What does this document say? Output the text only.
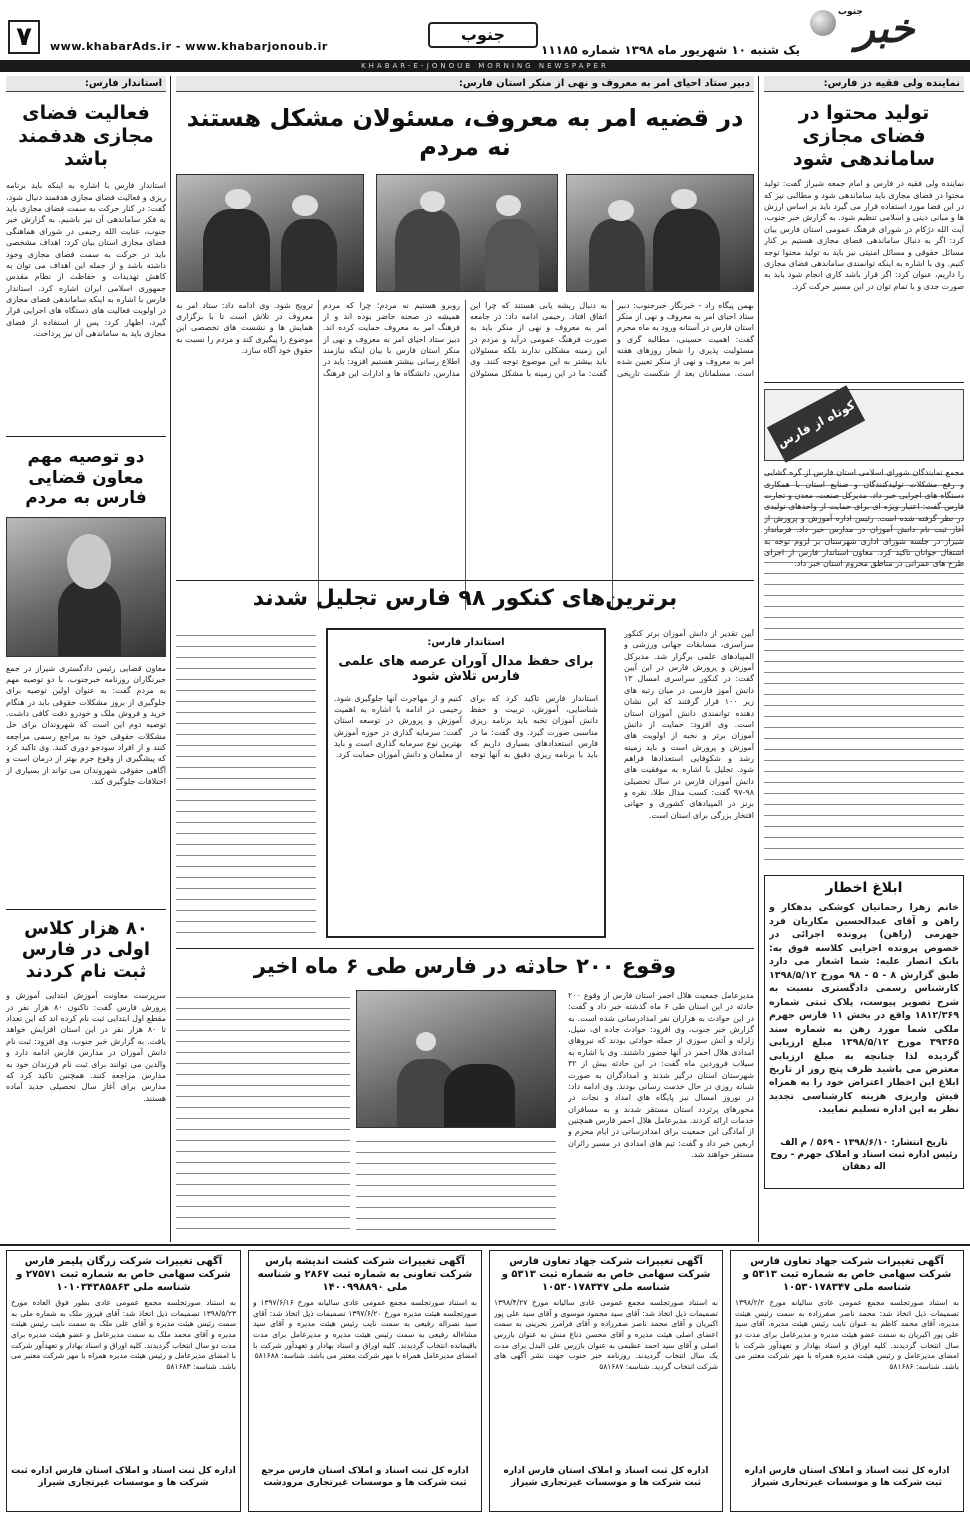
جنوب
خبر
یک شنبه ۱۰ شهریور ماه ۱۳۹۸ شماره ۱۱۱۸۵
جنوب
www.khabarAds.ir - www.khabarjonoub.ir
۷
KHABAR-E-JONOUB MORNING NEWSPAPER
نماینده ولی فقیه در فارس:
تولید محتوا در فضای مجازی ساماندهی شود
نماینده ولی فقیه در فارس و امام جمعه شیراز گفت: تولید محتوا در فضای مجازی باید ساماندهی شود و مطالبی نیز که در این فضا مورد استفاده قرار می گیرد باید بر اساس ارزش ها و مبانی دینی و اسلامی تنظیم شود. به گزارش خبر جنوب، آیت الله دژکام در شورای فرهنگ عمومی استان فارس بیان کرد: اگر به دنبال ساماندهی فضای مجازی هستیم بر کنار مسائل حقوقی و مسائل امنیتی نیز باید به تولید محتوا توجه کنیم. وی با اشاره به اینکه توانمندی ساماندهی فضای مجازی را داریم، عنوان کرد: اگر قرار باشد کاری انجام شود باید به صورت جدی و با تمام توان در این مسیر حرکت کرد.
کوتاه از فارس
مجمع نمایندگان شورای اسلامی استان فارس از گره گشایی و رفع مشکلات تولیدکنندگان و صنایع استان با همکاری دستگاه های اجرایی خبر داد. مدیرکل صنعت، معدن و تجارت فارس گفت: اعتبار ویژه ای برای حمایت از واحدهای تولیدی در نظر گرفته شده است. رئیس اداره آموزش و پرورش از آغاز ثبت نام دانش آموزان در مدارس خبر داد. فرماندار شیراز در جلسه شورای اداری شهرستان بر لزوم توجه به اشتغال جوانان تاکید کرد. معاون استاندار فارس از اجرای طرح های عمرانی در مناطق محروم استان خبر داد.
ابلاغ اخطار
خانم زهرا رحمانیان کوشکی بدهکار و راهن و آقای عبدالحسین مکاریان فرد جهرمی (راهن) پرونده اجرائی در خصوص پرونده اجرایی کلاسه فوق به: بانک انصار علیه: شما اشعار می دارد طبق گزارش ۸ - ۵ - ۹۸ مورخ ۱۳۹۸/۵/۱۲ کارشناس رسمی دادگستری نسبت به شرح تصویر پیوست، پلاک ثبتی شماره ۱۸۱۲/۳۶۹ واقع در بخش ۱۱ فارس جهرم ملکی شما مورد رهن به شماره سند ۳۹۳۶۵ مورخ ۱۳۹۸/۵/۱۲ مبلغ ارزیابی گردیده لذا چنانچه به مبلغ ارزیابی معترض می باشید ظرف پنج روز از تاریخ ابلاغ این اخطار اعتراض خود را به همراه فیش واریزی هزینه کارشناسی تجدید نظر به این اداره تسلیم نمایید.
تاریخ انتشار: ۱۳۹۸/۶/۱۰ - ۵۶۹ / م الف
رئیس اداره ثبت اسناد و املاک جهرم - روح اله دهقان
استاندار فارس:
فعالیت فضای مجازی هدفمند باشد
استاندار فارس با اشاره به اینکه باید برنامه ریزی و فعالیت فضای مجازی هدفمند دنبال شود، گفت: در کنار حرکت به سمت فضای مجازی باید به فکر ساماندهی آن نیز باشیم. به گزارش خبر جنوب، عنایت الله رحیمی در شورای هماهنگی فضای مجازی استان بیان کرد: اهداف مشخصی باید در حرکت به سمت فضای مجازی وجود داشته باشد و از جمله این اهداف می توان به کاهش تهدیدات و حفاظت از نظام مقدس جمهوری اسلامی ایران اشاره کرد. استاندار فارس با اشاره به اینکه ساماندهی فضای مجازی در اولویت فعالیت های دستگاه های اجرایی قرار گیرد، اظهار کرد: پس از استفاده از فضای مجازی باید به ساماندهی آن نیز پرداخت.
دو توصیه مهم معاون قضایی فارس به مردم
معاون قضایی رئیس دادگستری شیراز در جمع خبرنگاران روزنامه خبرجنوب، با دو توصیه مهم به مردم گفت: به عنوان اولین توصیه برای جلوگیری از بروز مشکلات حقوقی باید در هنگام خرید و فروش ملک و خودرو دقت کافی داشت. توصیه دوم این است که شهروندان برای حل مشکلات حقوقی خود به مراجع رسمی مراجعه کنند و از افراد سودجو دوری کنند. وی تاکید کرد که پیشگیری از وقوع جرم بهتر از درمان است و آگاهی حقوقی شهروندان می تواند از بسیاری از اختلافات جلوگیری کند.
۸۰ هزار کلاس اولی در فارس ثبت نام کردند
سرپرست معاونت آموزش ابتدایی آموزش و پرورش فارس گفت: تاکنون ۸۰ هزار نفر در مقطع اول ابتدایی ثبت نام کرده اند که این تعداد تا ۸۰ هزار نفر در این استان افزایش خواهد یافت. به گزارش خبر جنوب، وی افزود: ثبت نام دانش آموزان در مدارس فارس ادامه دارد و والدین می توانند برای ثبت نام فرزندان خود به مدارس مراجعه کنند. همچنین تاکید کرد که مدارس برای آغاز سال تحصیلی جدید آماده هستند.
دبیر ستاد احیای امر به معروف و نهی از منکر استان فارس:
در قضیه امر به معروف، مسئولان مشکل هستند نه مردم
بهمن پیگاه راد - خبرنگار خبرجنوب: دبیر ستاد احیای امر به معروف و نهی از منکر استان فارس در آستانه ورود به ماه محرم گفت: اهمیت حسینی، مطالبه گری و مسئولیت پذیری را شعار روزهای هفته امر به معروف و نهی از منکر تعیین شده است. مسلمانان بعد از شکست تاریخی به دنبال ریشه یابی هستند که چرا این اتفاق افتاد. رحیمی ادامه داد: در جامعه امر به معروف و نهی از منکر باید به صورت فرهنگ عمومی درآید و مردم در این زمینه مشکلی ندارند بلکه مسئولان باید بیشتر به این موضوع توجه کنند. وی گفت: ما در این زمینه با مشکل مسئولان روبرو هستیم نه مردم؛ چرا که مردم همیشه در صحنه حاضر بوده اند و از فرهنگ امر به معروف حمایت کرده اند. دبیر ستاد احیای امر به معروف و نهی از منکر استان فارس با بیان اینکه نیازمند اطلاع رسانی بیشتر هستیم افزود: باید در مدارس، دانشگاه ها و ادارات این فرهنگ ترویج شود. وی ادامه داد: ستاد امر به معروف در تلاش است تا با برگزاری همایش ها و نشست های تخصصی این موضوع را پیگیری کند و مردم را نسبت به حقوق خود آگاه سازد.
برترین‌های کنکور ۹۸ فارس تجلیل شدند
آیین تقدیر از دانش آموزان برتر کنکور سراسری، مسابقات جهانی ورزشی و المپیادهای علمی برگزار شد. مدیرکل آموزش و پرورش فارس در این آیین گفت: در کنکور سراسری امسال ۱۳ دانش آموز فارسی در میان رتبه های زیر ۱۰۰ قرار گرفتند که این نشان دهنده توانمندی دانش آموزان استان است. وی افزود: حمایت از دانش آموزان برتر و نخبه از اولویت های آموزش و پرورش است و باید زمینه رشد و شکوفایی استعدادها فراهم شود. تجلیل با اشاره به موفقیت های دانش آموزان فارس در سال تحصیلی ۹۸-۹۷ گفت: کسب مدال طلا، نقره و برنز در المپیادهای کشوری و جهانی افتخار بزرگی برای استان است.
استاندار فارس:
برای حفظ مدال آوران عرصه های علمی فارس تلاش شود
استاندار فارس تاکید کرد که برای شناسایی، آموزش، تربیت و حفظ دانش آموزان نخبه باید برنامه ریزی مناسبی صورت گیرد. وی گفت: ما در فارس استعدادهای بسیاری داریم که باید با برنامه ریزی دقیق به آنها توجه کنیم و از مهاجرت آنها جلوگیری شود. رحیمی در ادامه با اشاره به اهمیت آموزش و پرورش در توسعه استان گفت: سرمایه گذاری در حوزه آموزش بهترین نوع سرمایه گذاری است و باید از معلمان و دانش آموزان حمایت کرد.
وقوع ۲۰۰ حادثه در فارس طی ۶ ماه اخیر
مدیرعامل جمعیت هلال احمر استان فارس از وقوع ۲۰۰ حادثه در این استان طی ۶ ماه گذشته خبر داد و گفت: در این حوادث به هزاران نفر امدادرسانی شده است. به گزارش خبر جنوب، وی افزود: حوادث جاده ای، سیل، زلزله و آتش سوزی از جمله حوادثی بودند که نیروهای امدادی هلال احمر در آنها حضور داشتند. وی با اشاره به سیلاب فروردین ماه گفت: در این حادثه بیش از ۳۲ شهرستان استان درگیر شدند و امدادگران به صورت شبانه روزی در حال خدمت رسانی بودند. وی ادامه داد: در نوروز امسال نیز پایگاه های امداد و نجات در محورهای پرتردد استان مستقر شدند و به مسافران خدمات ارائه کردند. مدیرعامل هلال احمر فارس همچنین از آمادگی این جمعیت برای امدادرسانی در ایام محرم و اربعین خبر داد و گفت: تیم های امدادی در مسیر زائران مستقر خواهند شد.
آگهی تغییرات شرکت جهاد تعاون فارس شرکت سهامی خاص به شماره ثبت ۵۳۱۳ و شناسه ملی ۱۰۵۳۰۱۷۸۳۴۷
به استناد صورتجلسه مجمع عمومی عادی سالیانه مورخ ۱۳۹۸/۲/۲ تصمیمات ذیل اتخاذ شد: محمد ناصر صفرزاده به سمت رئیس هیئت مدیره، آقای محمد کاظم به عنوان نایب رئیس هیئت مدیره، آقای سید علی پور اکبریان به سمت عضو هیئت مدیره و مدیرعامل برای مدت دو سال انتخاب گردیدند. کلیه اوراق و اسناد بهادار و تعهدآور شرکت با امضای مدیرعامل و رئیس هیئت مدیره همراه با مهر شرکت معتبر می باشد. شناسه: ۵۸۱۶۸۶
اداره کل ثبت اسناد و املاک استان فارس اداره ثبت شرکت ها و موسسات غیرتجاری شیراز
آگهی تغییرات شرکت جهاد تعاون فارس شرکت سهامی خاص به شماره ثبت ۵۳۱۳ و شناسه ملی ۱۰۵۳۰۱۷۸۳۴۷
به استناد صورتجلسه مجمع عمومی عادی سالیانه مورخ ۱۳۹۸/۴/۲۷ تصمیمات ذیل اتخاذ شد: آقای سید محمود موسوی و آقای سید علی پور اکبریان و آقای محمد ناصر صفرزاده و آقای فرامرز بحرینی به سمت اعضای اصلی هیئت مدیره و آقای محسن دناغ منش به عنوان بازرس اصلی و آقای سید احمد عظیمی به عنوان بازرس علی البدل برای مدت یک سال انتخاب گردیدند. روزنامه خبر جنوب جهت نشر آگهی های شرکت انتخاب گردید. شناسه: ۵۸۱۶۸۷
اداره کل ثبت اسناد و املاک استان فارس اداره ثبت شرکت ها و موسسات غیرتجاری شیراز
آگهی تغییرات شرکت کشت اندیشه پارس شرکت تعاونی به شماره ثبت ۲۸۶۷ و شناسه ملی ۱۴۰۰۹۹۸۸۹۰
به استناد صورتجلسه مجمع عمومی عادی سالیانه مورخ ۱۳۹۷/۶/۱۶ و صورتجلسه هیئت مدیره مورخ ۱۳۹۷/۶/۲۰ تصمیمات ذیل اتخاذ شد: آقای سید نصراله رفیعی به سمت نایب رئیس هیئت مدیره و آقای سید مشاءاله رفیعی به سمت رئیس هیئت مدیره و مدیرعامل برای مدت باقیمانده انتخاب گردیدند. کلیه اوراق و اسناد بهادار و تعهدآور شرکت با امضای مدیرعامل همراه با مهر شرکت معتبر می باشد. شناسه: ۵۸۱۶۸۸
اداره کل ثبت اسناد و املاک استان فارس مرجع ثبت شرکت ها و موسسات غیرتجاری مرودشت
آگهی تغییرات شرکت زرگان پلیمر فارس شرکت سهامی خاص به شماره ثبت ۲۷۵۷۱ و شناسه ملی ۱۰۱۰۳۴۳۸۵۸۶۳
به استناد صورتجلسه مجمع عمومی عادی بطور فوق العاده مورخ ۱۳۹۸/۵/۲۳ تصمیمات ذیل اتخاذ شد: آقای فیروز ملک به شماره ملی به سمت رئیس هیئت مدیره و آقای علی ملک به سمت نایب رئیس هیئت مدیره و آقای محمد ملک به سمت مدیرعامل و عضو هیئت مدیره برای مدت دو سال انتخاب گردیدند. کلیه اوراق و اسناد بهادار و تعهدآور شرکت با امضای مدیرعامل و رئیس هیئت مدیره همراه با مهر شرکت معتبر می باشد. شناسه: ۵۸۱۶۸۳
اداره کل ثبت اسناد و املاک استان فارس اداره ثبت شرکت ها و موسسات غیرتجاری شیراز
